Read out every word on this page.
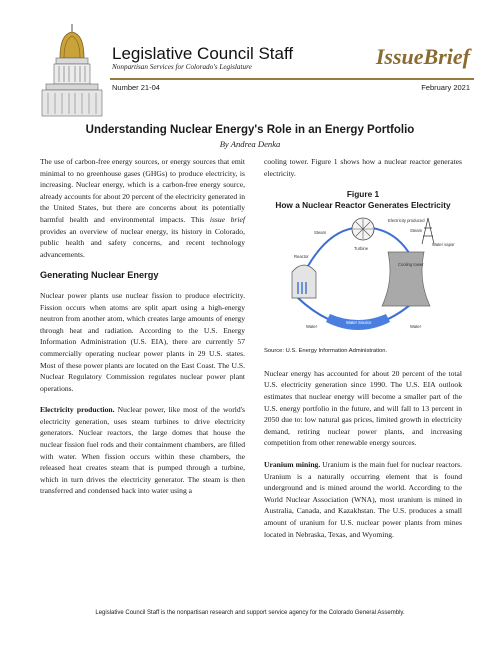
Legislative Council Staff
Nonpartisan Services for Colorado's Legislature	IssueBrief
Number 21-04	February 2021
Understanding Nuclear Energy's Role in an Energy Portfolio
By Andrea Denka

The use of carbon-free energy sources, or energy sources that emit minimal to no greenhouse gases (GHGs) to produce electricity, is increasing. Nuclear energy, which is a carbon-free energy source, already accounts for about 20 percent of the electricity generated in the United States, but there are concerns about its potentially harmful health and environmental impacts. This issue brief provides an overview of nuclear energy, its history in Colorado, public health and safety concerns, and recent technology advancements.

Generating Nuclear Energy

Nuclear power plants use nuclear fission to produce electricity. Fission occurs when atoms are split apart using a high-energy neutron from another atom, which creates large amounts of energy through heat and radiation. According to the U.S. Energy Information Administration (U.S. EIA), there are currently 57 commercially operating nuclear power plants in 29 U.S. states. Most of these power plants are located on the East Coast. The U.S. Nuclear Regulatory Commission regulates nuclear power plant operations.

Electricity production. Nuclear power, like most of the world's electricity generation, uses steam turbines to drive electricity generators. Nuclear reactors, the large domes that house the nuclear fission fuel rods and their containment chambers, are filled with water. When fission occurs within these chambers, the released heat creates steam that is pumped through a turbine, which in turn drives the electricity generator. The steam is then transferred and condensed back into water using a

cooling tower. Figure 1 shows how a nuclear reactor generates electricity.

Figure 1
How a Nuclear Reactor Generates Electricity
Electricity produced
Steam	Steam
Turbine
Reactor
Cooling tower
Water vapor
Water Source
Water	Water
Source: U.S. Energy Information Administration.

Nuclear energy has accounted for about 20 percent of the total U.S. electricity generation since 1990. The U.S. EIA outlook estimates that nuclear energy will become a smaller part of the U.S. energy portfolio in the future, and will fall to 13 percent in 2050 due to: low natural gas prices, limited growth in electricity demand, retiring nuclear power plants, and increasing competition from other renewable energy sources.

Uranium mining. Uranium is the main fuel for nuclear reactors. Uranium is a naturally occurring element that is found underground and is mined around the world. According to the World Nuclear Association (WNA), most uranium is mined in Australia, Canada, and Kazakhstan. The U.S. produces a small amount of uranium for U.S. nuclear power plants from mines located in Nebraska, Texas, and Wyoming.

Legislative Council Staff is the nonpartisan research and support service agency for the Colorado General Assembly.
